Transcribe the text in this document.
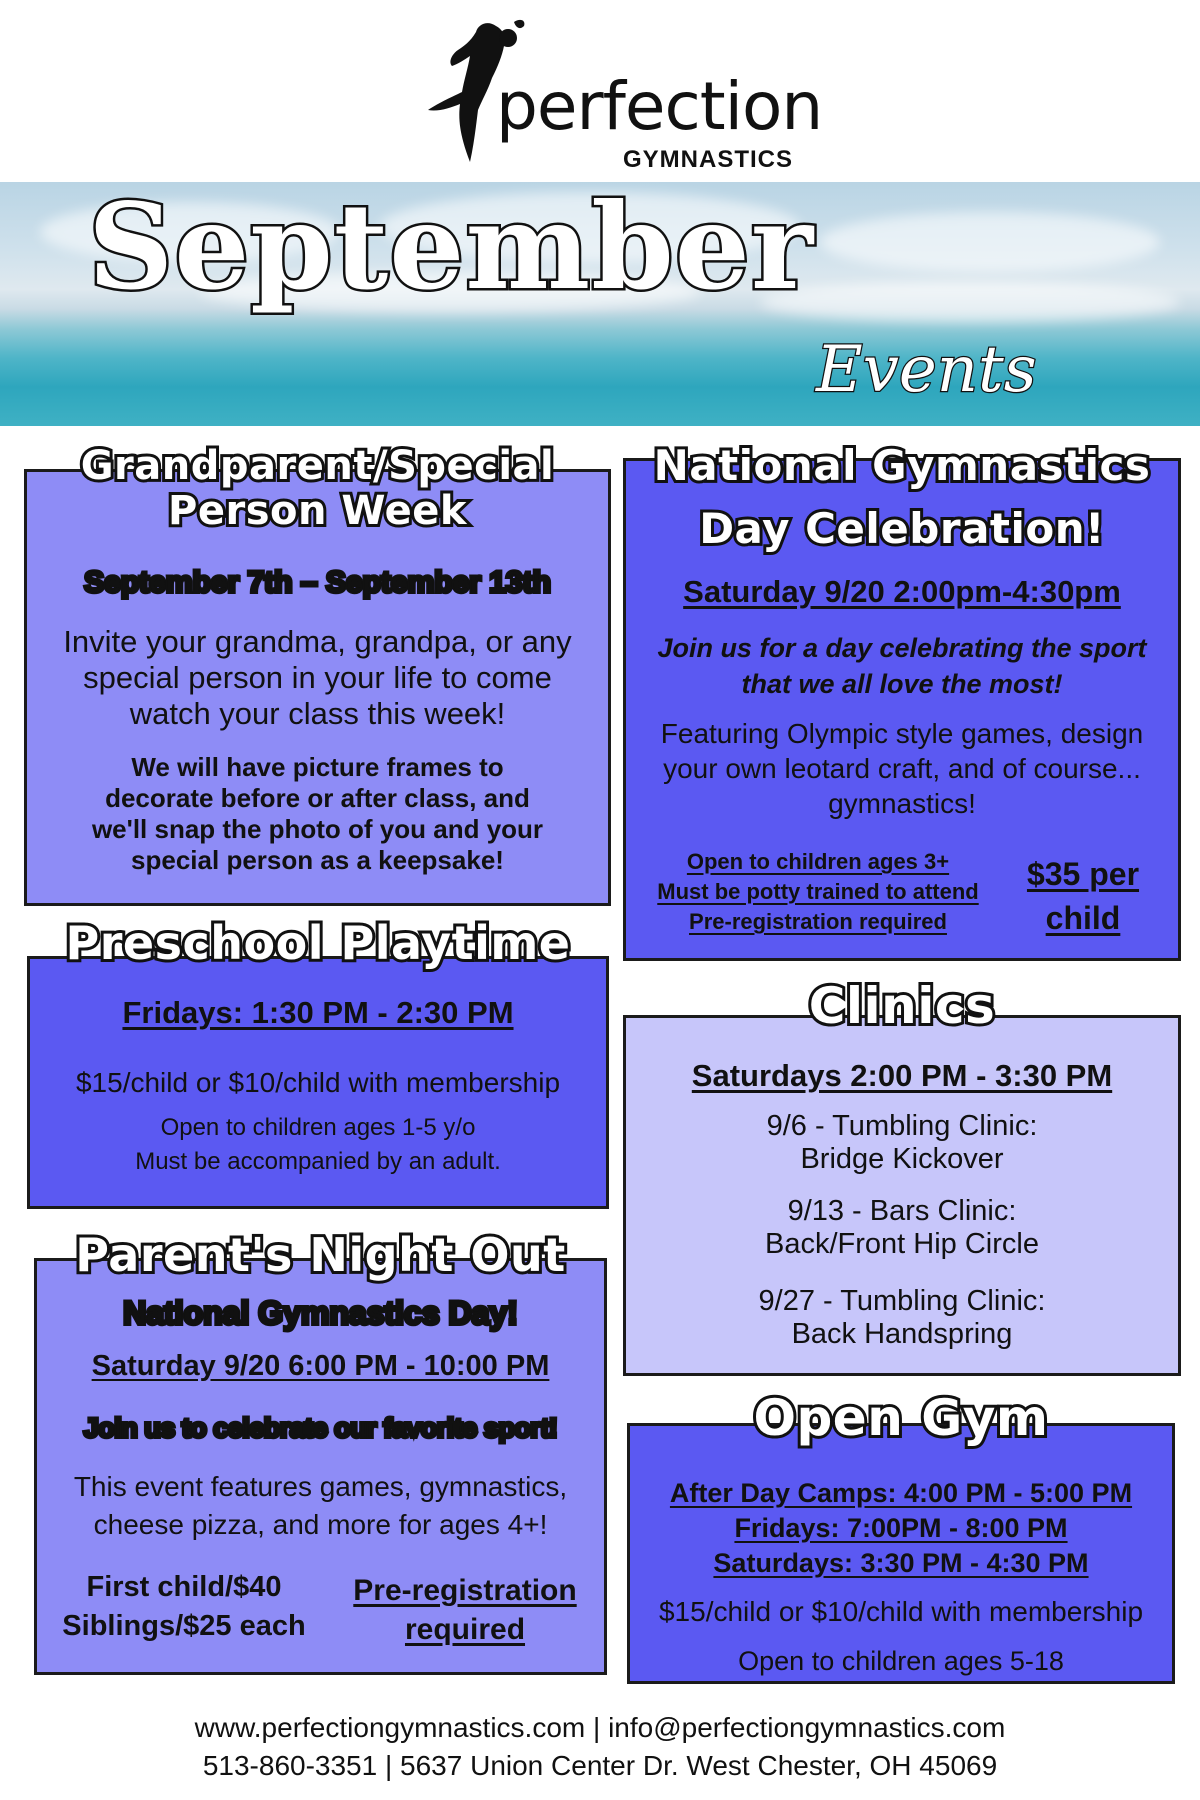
perfection
GYMNASTICS
September
Events
Grandparent/Special
Person Week
September 7th – September 13th
Invite your grandma, grandpa, or any
special person in your life to come
watch your class this week!
We will have picture frames to
decorate before or after class, and
we'll snap the photo of you and your
special person as a keepsake!
National Gymnastics
Day Celebration!
Saturday 9/20 2:00pm-4:30pm
Join us for a day celebrating the sport
that we all love the most!
Featuring Olympic style games, design
your own leotard craft, and of course...
gymnastics!
Open to children ages 3+
Must be potty trained to attend
Pre-registration required
$35 per
child
Preschool Playtime
Fridays: 1:30 PM - 2:30 PM
$15/child or $10/child with membership
Open to children ages 1-5 y/o
Must be accompanied by an adult.
Clinics
Saturdays 2:00 PM - 3:30 PM
9/6 - Tumbling Clinic:
Bridge Kickover
9/13 - Bars Clinic:
Back/Front Hip Circle
9/27 - Tumbling Clinic:
Back Handspring
Parent's Night Out
National Gymnastics Day!
Saturday 9/20 6:00 PM - 10:00 PM
Join us to celebrate our favorite sport!
This event features games, gymnastics,
cheese pizza, and more for ages 4+!
First child/$40
Siblings/$25 each
Pre-registration
required
Open Gym
After Day Camps: 4:00 PM - 5:00 PM
Fridays: 7:00PM - 8:00 PM
Saturdays: 3:30 PM - 4:30 PM
$15/child or $10/child with membership
Open to children ages 5-18
www.perfectiongymnastics.com | info@perfectiongymnastics.com
513-860-3351 | 5637 Union Center Dr. West Chester, OH 45069
